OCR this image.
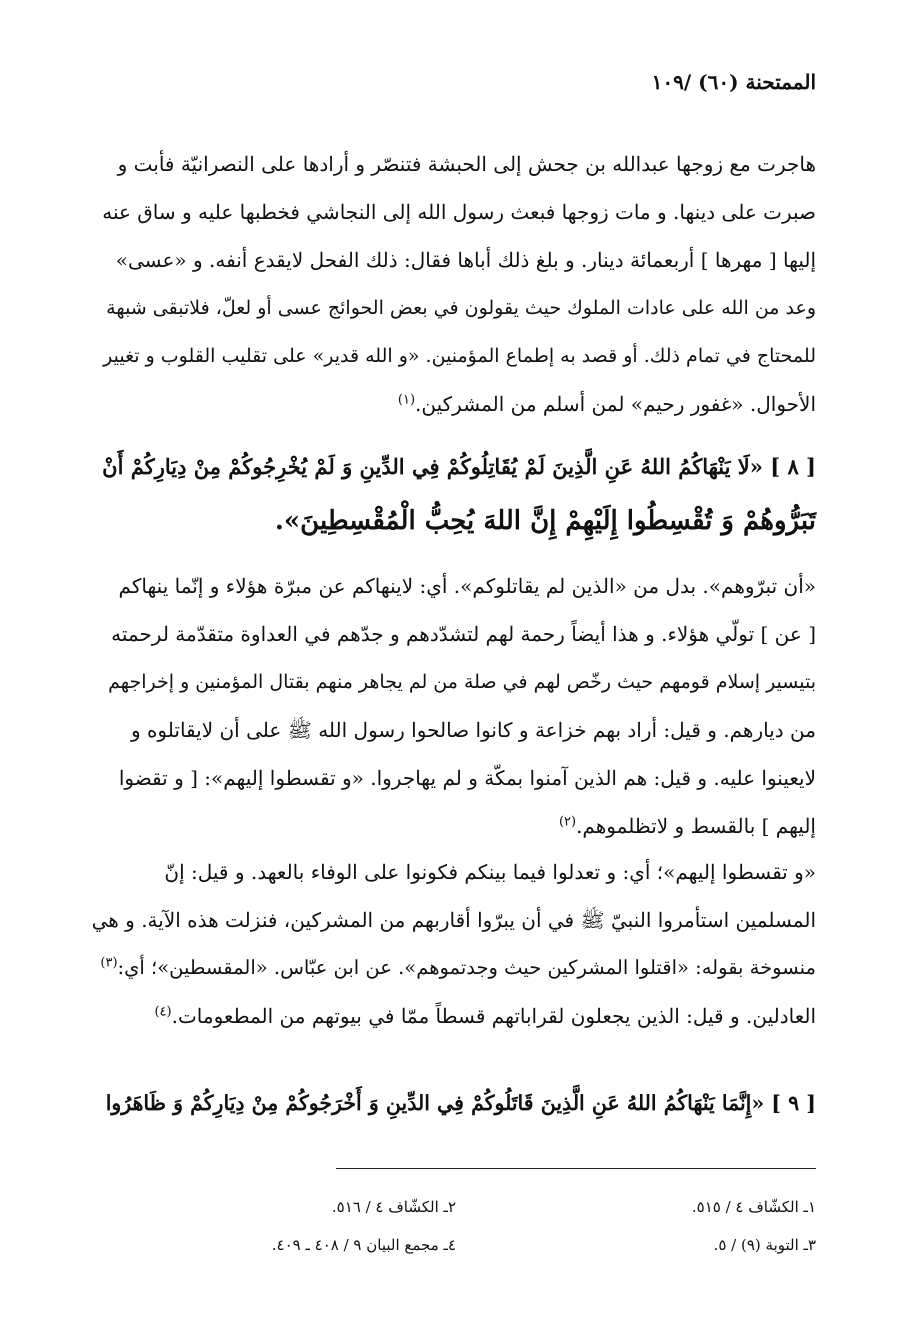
الممتحنة (٦٠) /١٠٩
هاجرت مع زوجها عبدالله بن جحش إلى الحبشة فتنصّر و أرادها على النصرانيّة فأبت و
صبرت على دينها. و مات زوجها فبعث رسول الله إلى النجاشي فخطبها عليه و ساق عنه
إليها [ مهرها ] أربعمائة دينار. و بلغ ذلك أباها فقال: ذلك الفحل لايقدع أنفه. و «عسى»
وعد من الله على عادات الملوك حيث يقولون في بعض الحوائج عسى أو لعلّ، فلاتبقى شبهة
للمحتاج في تمام ذلك. أو قصد به إطماع المؤمنين. «و الله قدير» على تقليب القلوب و تغيير
الأحوال. «غفور رحيم» لمن أسلم من المشركين.$^{(١)}$
[ ٨ ] «لَا يَنْهَاكُمُ اللهُ عَنِ الَّذِينَ لَمْ يُقَاتِلُوكُمْ فِي الدِّينِ وَ لَمْ يُخْرِجُوكُمْ مِنْ دِيَارِكُمْ أَنْ
تَبَرُّوهُمْ وَ تُقْسِطُوا إِلَيْهِمْ إِنَّ اللهَ يُحِبُّ الْمُقْسِطِينَ».
«أن تبرّوهم». بدل من «الذين لم يقاتلوكم». أي: لاينهاكم عن مبرّة هؤلاء و إنّما ينهاكم
[ عن ] تولّي هؤلاء. و هذا أيضاً رحمة لهم لتشدّدهم و جدّهم في العداوة متقدّمة لرحمته
بتيسير إسلام قومهم حيث رخّص لهم في صلة من لم يجاهر منهم بقتال المؤمنين و إخراجهم
من ديارهم. و قيل: أراد بهم خزاعة و كانوا صالحوا رسول الله ﷺ على أن لايقاتلوه و
لايعينوا عليه. و قيل: هم الذين آمنوا بمكّة و لم يهاجروا. «و تقسطوا إليهم»: [ و تقضوا
إليهم ] بالقسط و لاتظلموهم.$^{(٢)}$
«و تقسطوا إليهم»؛ أي: و تعدلوا فيما بينكم فكونوا على الوفاء بالعهد. و قيل: إنّ
المسلمين استأمروا النبيّ ﷺ في أن يبرّوا أقاربهم من المشركين، فنزلت هذه الآية. و هي
منسوخة بقوله: «اقتلوا المشركين حيث وجدتموهم». عن ابن عبّاس. «المقسطين»؛ أي:$^{(٣)}$
العادلين. و قيل: الذين يجعلون لقراباتهم قسطاً ممّا في بيوتهم من المطعومات.$^{(٤)}$
[ ٩ ] «إِنَّمَا يَنْهَاكُمُ اللهُ عَنِ الَّذِينَ قَاتَلُوكُمْ فِي الدِّينِ وَ أَخْرَجُوكُمْ مِنْ دِيَارِكُمْ وَ ظَاهَرُوا
١ـ الكشّاف ٤ / ٥١٥.
٢ـ الكشّاف ٤ / ٥١٦.
٣ـ التوبة (٩) / ٥.
٤ـ مجمع البيان ٩ / ٤٠٨ ـ ٤٠٩.
